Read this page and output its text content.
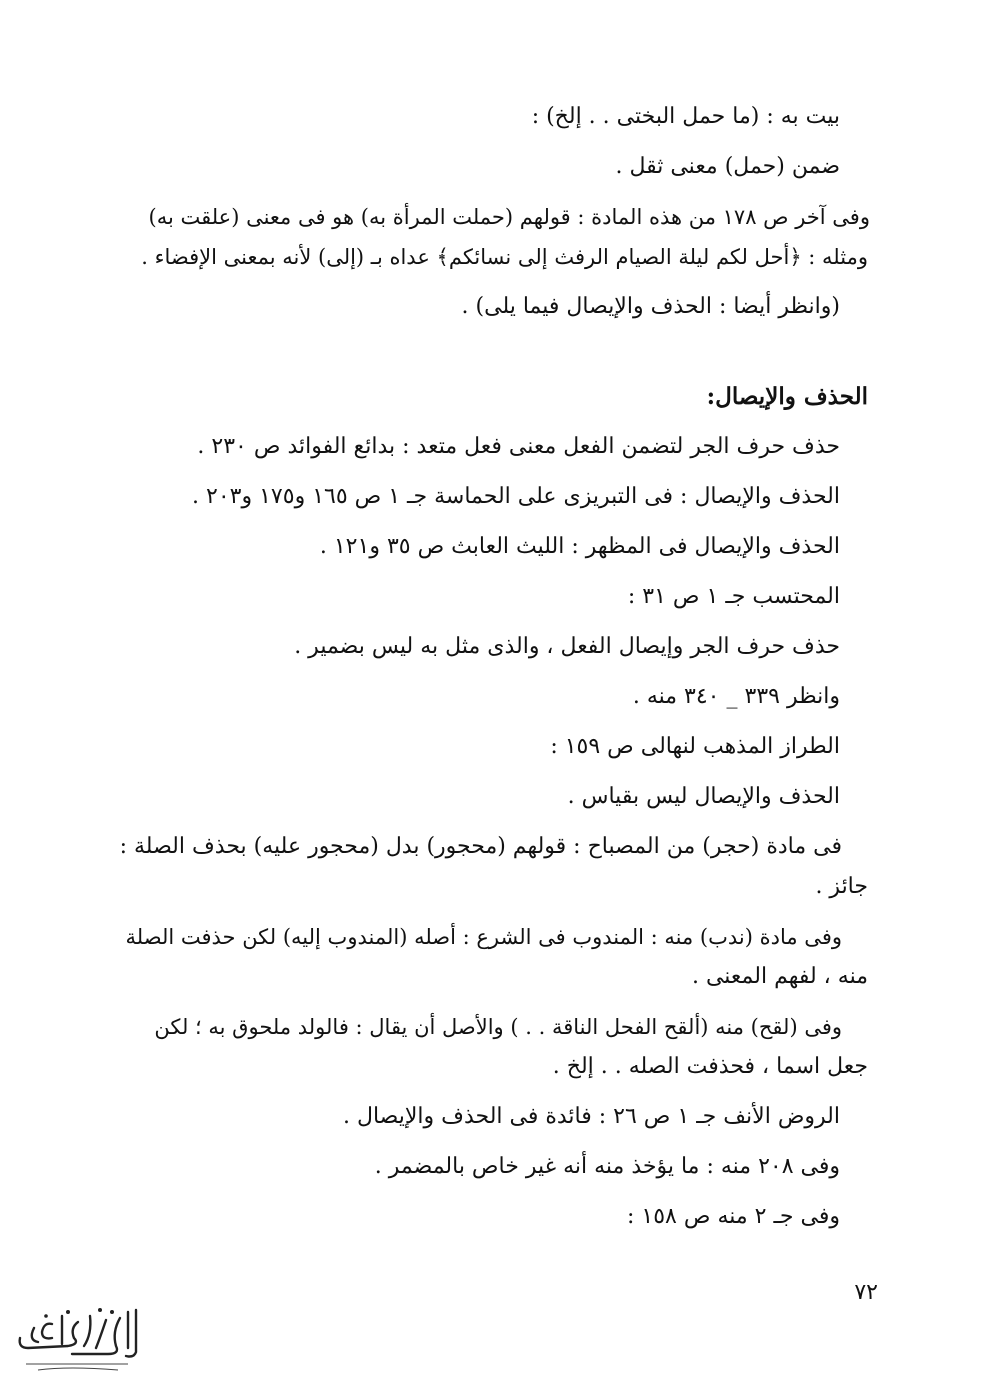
بيت به : (ما حمل البختى . . إلخ) :
ضمن (حمل) معنى ثقل .
وفى آخر ص ١٧٨ من هذه المادة : قولهم (حملت المرأة به) هو فى معنى (علقت به)
ومثله : ﴿أحل لكم ليلة الصيام الرفث إلى نسائكم﴾ عداه بـ (إلى) لأنه بمعنى الإفضاء .
(وانظر أيضا : الحذف والإيصال فيما يلى) .
الحذف والإيصال:
حذف حرف الجر لتضمن الفعل معنى فعل متعد : بدائع الفوائد ص ٢٣٠ .
الحذف والإيصال : فى التبريزى على الحماسة جـ ١ ص ١٦٥ و١٧٥ و٢٠٣ .
الحذف والإيصال فى المظهر : الليث العابث ص ٣٥ و١٢١ .
المحتسب جـ ١ ص ٣١ :
حذف حرف الجر وإيصال الفعل ، والذى مثل به ليس بضمير .
وانظر ٣٣٩ _ ٣٤٠ منه .
الطراز المذهب لنهالى ص ١٥٩ :
الحذف والإيصال ليس بقياس .
فى مادة (حجر) من المصباح : قولهم (محجور) بدل (محجور عليه) بحذف الصلة :
جائز .
وفى مادة (ندب) منه : المندوب فى الشرع : أصله (المندوب إليه) لكن حذفت الصلة
منه ، لفهم المعنى .
وفى (لقح) منه (ألقح الفحل الناقة . . ) والأصل أن يقال : فالولد ملحوق به ؛ لكن
جعل اسما ، فحذفت الصله . . إلخ .
الروض الأنف جـ ١ ص ٢٦ : فائدة فى الحذف والإيصال .
وفى ٢٠٨ منه : ما يؤخذ منه أنه غير خاص بالمضمر .
وفى جـ ٢ منه ص ١٥٨ :
٧٢
